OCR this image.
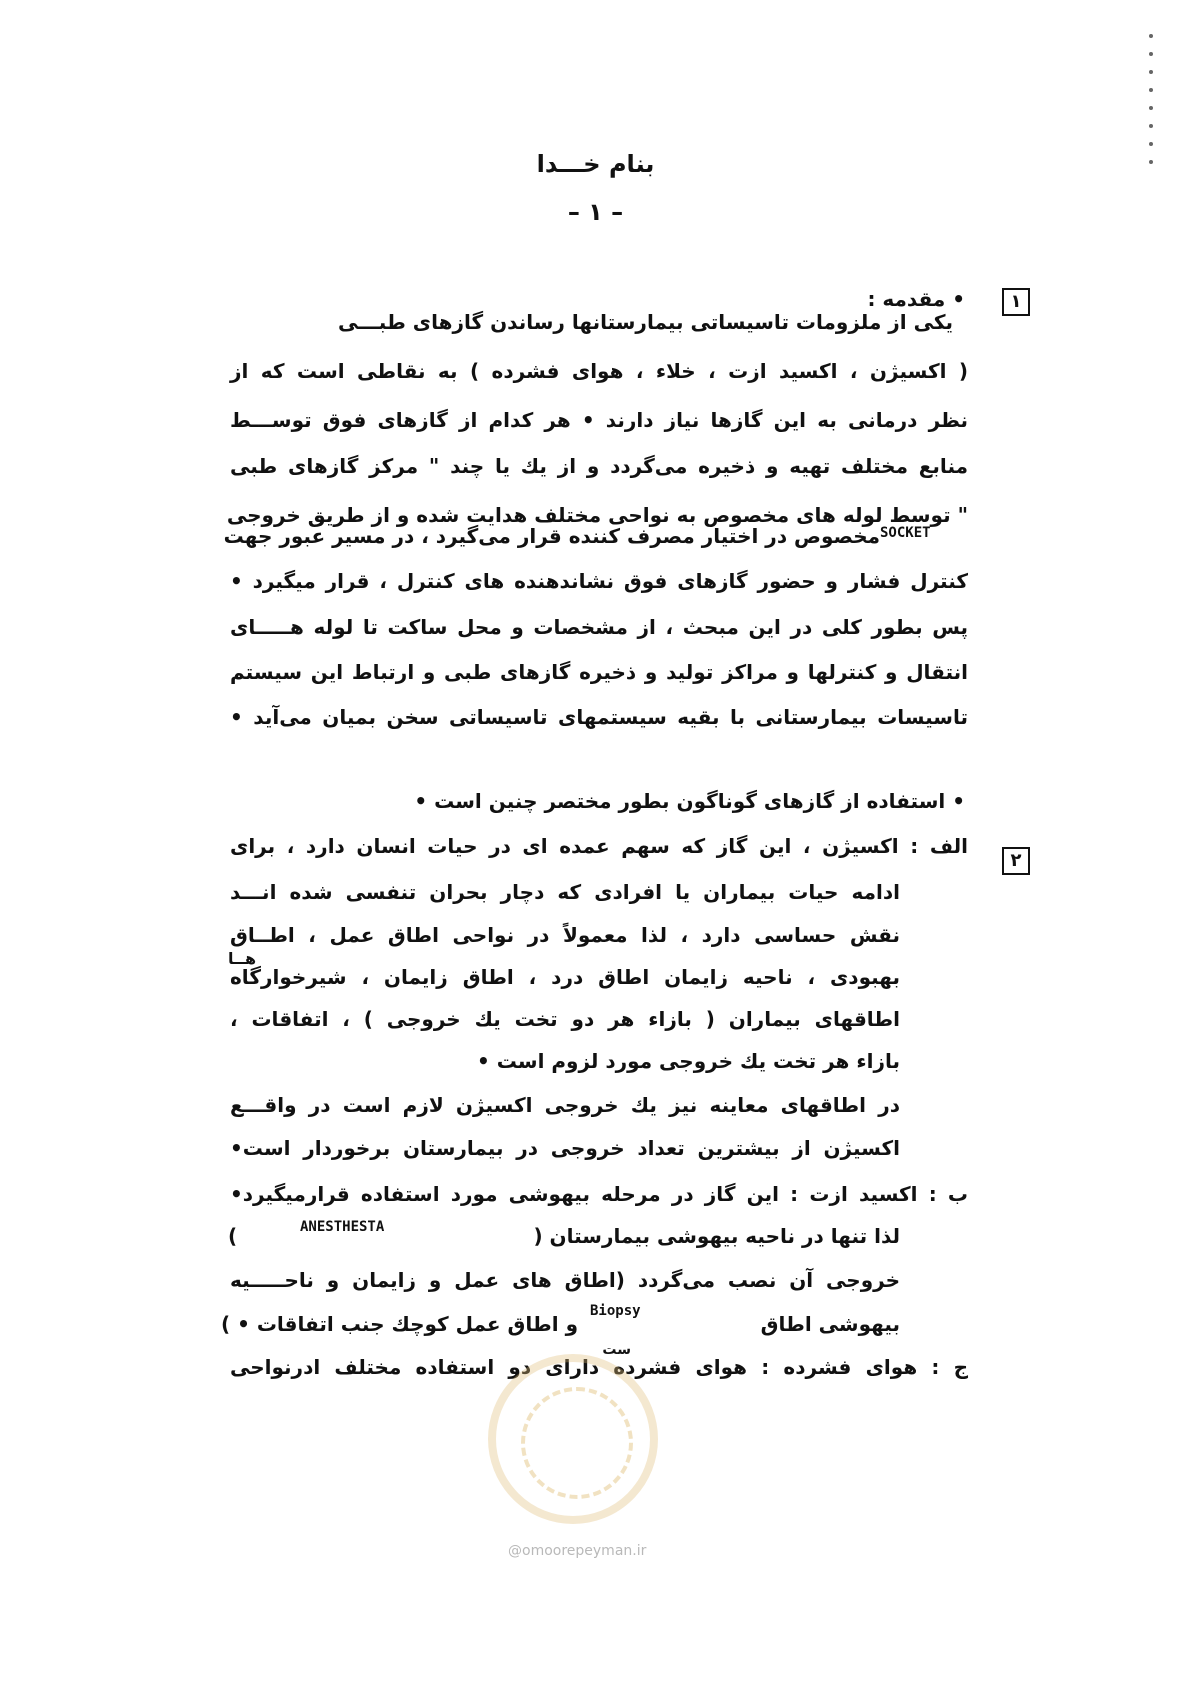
بنام خـــدا
– ۱ –
۱
• مقدمه :
یکی از ملزومات تاسیساتی بیمارستانها رساندن گازهای طبـــی
( اکسیژن ، اکسید ازت ، خلاء ، هوای فشرده ) به نقاطی است که از
نظر درمانی به این گازها نیاز دارند • هر کدام از گازهای فوق توســـط
منابع مختلف تهیه و ذخیره می‌گردد و از یك یا چند " مرکز گازهای طبی
" توسط لوله های مخصوص به نواحی مختلف هدایت شده و از طریق خروجی
SOCKET
مخصوص در اختیار مصرف کننده قرار می‌گیرد ، در مسیر عبور جهت
کنترل فشار و حضور گازهای فوق نشاندهنده های کنترل ، قرار میگیرد •
پس بطور کلی در این مبحث ، از مشخصات و محل ساکت تا لوله هـــــای
انتقال و کنترلها و مراکز تولید و ذخیره گازهای طبی و ارتباط این سیستم
تاسیسات بیمارستانی با بقیه سیستمهای تاسیساتی سخن بمیان می‌آید •
۲
• استفاده از گازهای گوناگون بطور مختصر چنین است •
الف : اکسیژن ، این گاز که سهم عمده ای در حیات انسان دارد ، برای
ادامه حیات بیماران یا افرادی که دچار بحران تنفسی شده انـــد
نقش حساسی دارد ، لذا معمولاً در نواحی اطاق عمل ، اطــاق
هــا
بهبودی ، ناحیه زایمان اطاق درد ، اطاق زایمان ، شیرخوارگاه
اطاقهای بیماران ( بازاء هر دو تخت یك خروجی ) ، اتفاقات ،
بازاء هر تخت یك خروجی مورد لزوم است •
در اطاقهای معاینه نیز یك خروجی اکسیژن لازم است در واقـــع
اکسیژن از بیشترین تعداد خروجی در بیمارستان برخوردار است•
ب : اکسید ازت : این گاز در مرحله بیهوشی مورد استفاده قرارمیگیرد•
لذا تنها در ناحیه بیهوشی بیمارستان (
ANESTHESTA
)
خروجی آن نصب می‌گردد (اطاق های عمل و زایمان و ناحـــــیه
بیهوشی اطاق
Biopsy
و اطاق عمل کوچك جنب اتفاقات • )
ست
ج : هوای فشرده : هوای فشرده دارای دو استفاده مختلف ادرنواحی
@omoorepeyman.ir
